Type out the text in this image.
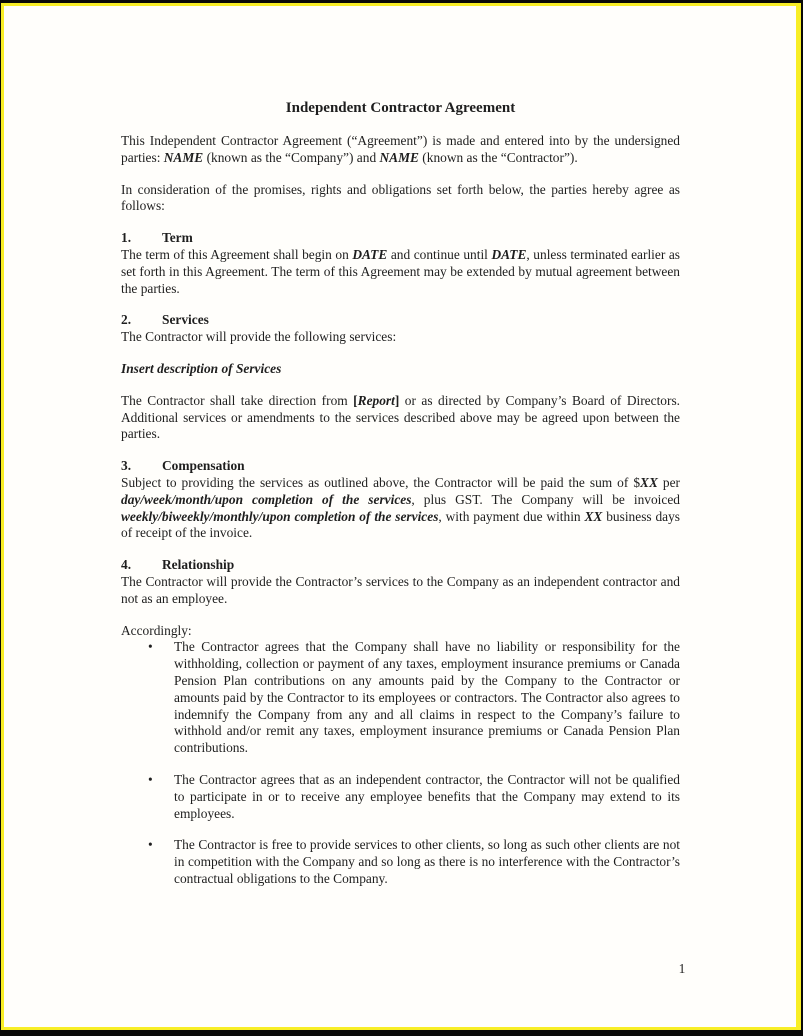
Independent Contractor Agreement

This Independent Contractor Agreement (“Agreement”) is made and entered into by the undersigned parties: NAME (known as the “Company”) and NAME (known as the “Contractor”).

In consideration of the promises, rights and obligations set forth below, the parties hereby agree as follows:

1. Term

The term of this Agreement shall begin on DATE and continue until DATE, unless terminated earlier as set forth in this Agreement. The term of this Agreement may be extended by mutual agreement between the parties.

2. Services

The Contractor will provide the following services:

Insert description of Services

The Contractor shall take direction from [Report] or as directed by Company’s Board of Directors. Additional services or amendments to the services described above may be agreed upon between the parties.

3. Compensation

Subject to providing the services as outlined above, the Contractor will be paid the sum of $XX per day/week/month/upon completion of the services, plus GST. The Company will be invoiced weekly/biweekly/monthly/upon completion of the services, with payment due within XX business days of receipt of the invoice.

4. Relationship

The Contractor will provide the Contractor’s services to the Company as an independent contractor and not as an employee.

Accordingly:

• The Contractor agrees that the Company shall have no liability or responsibility for the withholding, collection or payment of any taxes, employment insurance premiums or Canada Pension Plan contributions on any amounts paid by the Company to the Contractor or amounts paid by the Contractor to its employees or contractors. The Contractor also agrees to indemnify the Company from any and all claims in respect to the Company’s failure to withhold and/or remit any taxes, employment insurance premiums or Canada Pension Plan contributions.
• The Contractor agrees that as an independent contractor, the Contractor will not be qualified to participate in or to receive any employee benefits that the Company may extend to its employees.
• The Contractor is free to provide services to other clients, so long as such other clients are not in competition with the Company and so long as there is no interference with the Contractor’s contractual obligations to the Company.
1
